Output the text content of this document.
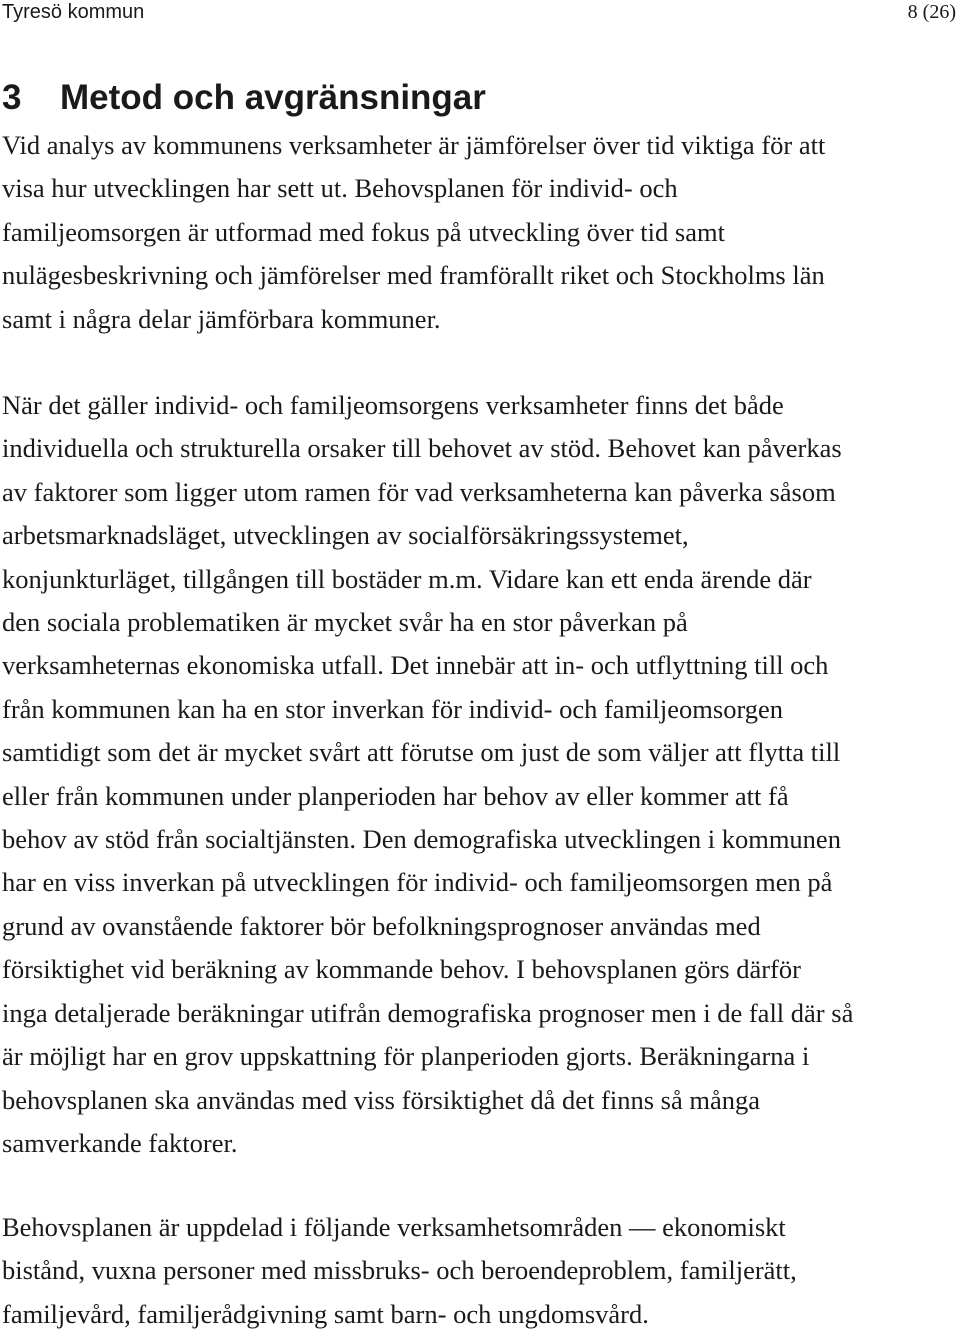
Tyresö kommun	8 (26)
3 Metod och avgränsningar

Vid analys av kommunens verksamheter är jämförelser över tid viktiga för att
visa hur utvecklingen har sett ut. Behovsplanen för individ- och
familjeomsorgen är utformad med fokus på utveckling över tid samt
nulägesbeskrivning och jämförelser med framförallt riket och Stockholms län
samt i några delar jämförbara kommuner.

När det gäller individ- och familjeomsorgens verksamheter finns det både
individuella och strukturella orsaker till behovet av stöd. Behovet kan påverkas
av faktorer som ligger utom ramen för vad verksamheterna kan påverka såsom
arbetsmarknadsläget, utvecklingen av socialförsäkringssystemet,
konjunkturläget, tillgången till bostäder m.m. Vidare kan ett enda ärende där
den sociala problematiken är mycket svår ha en stor påverkan på
verksamheternas ekonomiska utfall. Det innebär att in- och utflyttning till och
från kommunen kan ha en stor inverkan för individ- och familjeomsorgen
samtidigt som det är mycket svårt att förutse om just de som väljer att flytta till
eller från kommunen under planperioden har behov av eller kommer att få
behov av stöd från socialtjänsten. Den demografiska utvecklingen i kommunen
har en viss inverkan på utvecklingen för individ- och familjeomsorgen men på
grund av ovanstående faktorer bör befolkningsprognoser användas med
försiktighet vid beräkning av kommande behov. I behovsplanen görs därför
inga detaljerade beräkningar utifrån demografiska prognoser men i de fall där så
är möjligt har en grov uppskattning för planperioden gjorts. Beräkningarna i
behovsplanen ska användas med viss försiktighet då det finns så många
samverkande faktorer.

Behovsplanen är uppdelad i följande verksamhetsområden — ekonomiskt
bistånd, vuxna personer med missbruks- och beroendeproblem, familjerätt,
familjevård, familjerådgivning samt barn- och ungdomsvård.
